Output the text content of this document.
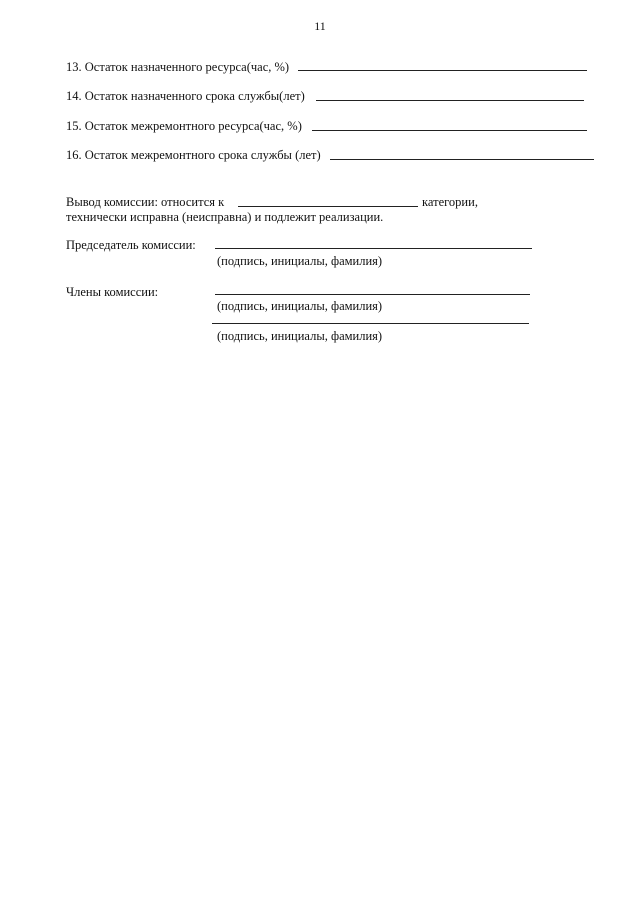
11
13. Остаток назначенного ресурса(час, %)
14. Остаток назначенного срока службы(лет)
15. Остаток межремонтного ресурса(час, %)
16. Остаток межремонтного срока службы (лет)
Вывод комиссии: относится к	категории,
технически исправна (неисправна) и подлежит реализации.
Председатель комиссии:
(подпись, инициалы, фамилия)
Члены комиссии:
(подпись, инициалы, фамилия)
(подпись, инициалы, фамилия)
